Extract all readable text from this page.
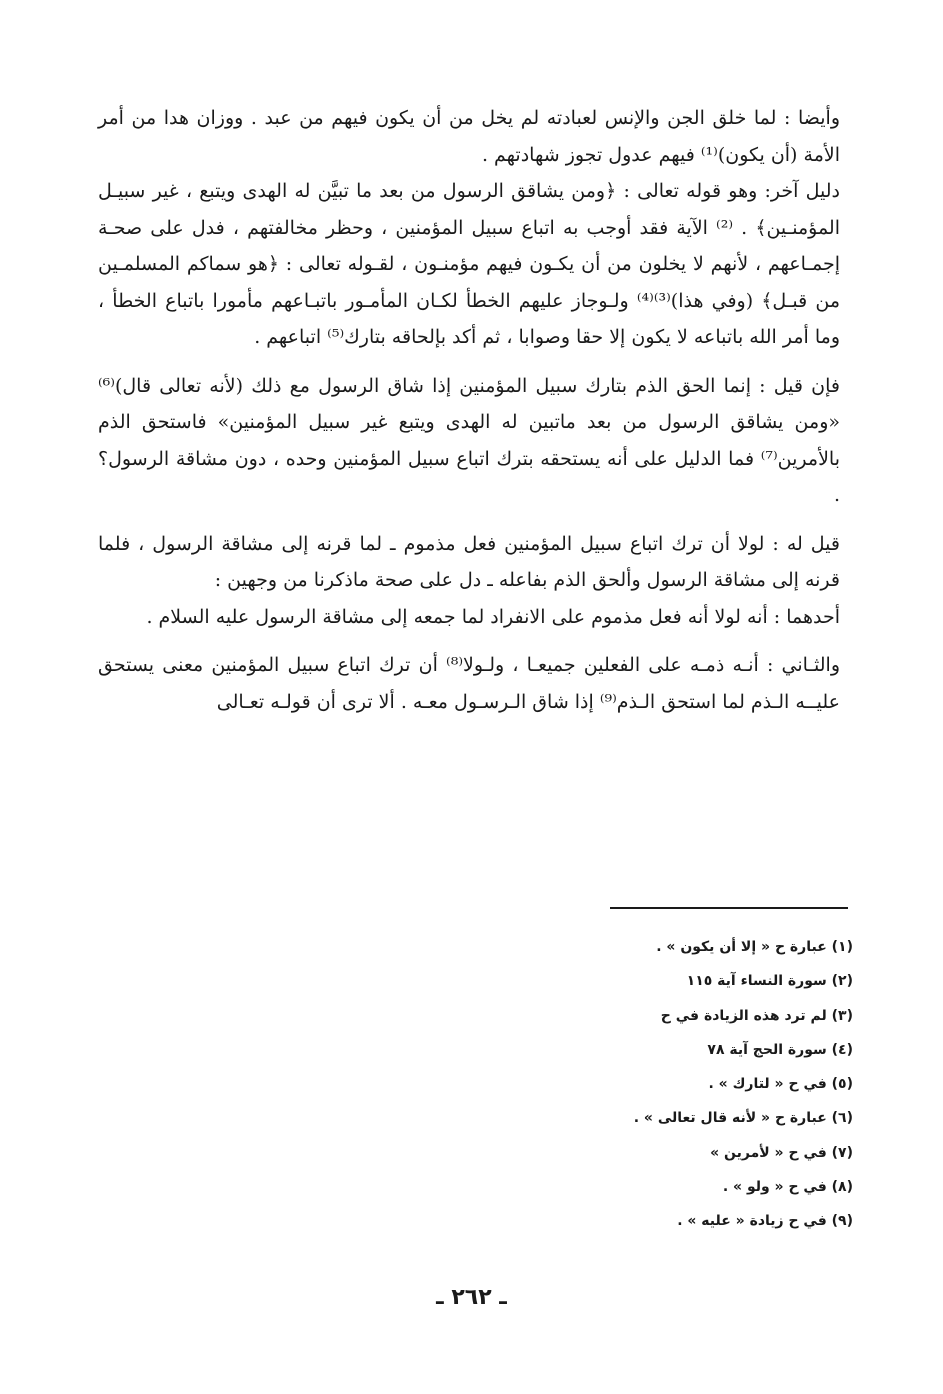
وأيضا : لما خلق الجن والإنس لعبادته لم يخل من أن يكون فيهم من عبد . ووزان هدا من أمر الأمة (أن يكون)⁽¹⁾ فيهم عدول تجوز شهادتهم .

دليل آخر: وهو قوله تعالى : ﴿ومن يشاقق الرسول من بعد ما تبيَّن له الهدى ويتبع ، غير سبيـل المؤمنـين﴾ . ⁽²⁾ الآية فقد أوجب به اتباع سبيل المؤمنين ، وحظر مخالفتهم ، فدل على صحـة إجمـاعهم ، لأنهم لا يخلون من أن يكـون فيهم مؤمنـون ، لقـوله تعالى : ﴿هو سماكم المسلمـين من قبـل﴾ (وفي هذا)⁽³⁾⁽⁴⁾ ولـوجاز عليهم الخطأ لكـان المأمـور باتبـاعهم مأمورا باتباع الخطأ ، وما أمر الله باتباعه لا يكون إلا حقا وصوابا ، ثم أكد بإلحاقه بتارك⁽⁵⁾ اتباعهم .

فإن قيل : إنما الحق الذم بتارك سبيل المؤمنين إذا شاق الرسول مع ذلك (لأنه تعالى قال)⁽⁶⁾ «ومن يشاقق الرسول من بعد ماتبين له الهدى ويتبع غير سبيل المؤمنين» فاستحق الذم بالأمرين⁽⁷⁾ فما الدليل على أنه يستحقه بترك اتباع سبيل المؤمنين وحده ، دون مشاقة الرسول؟ .

قيل له : لولا أن ترك اتباع سبيل المؤمنين فعل مذموم ـ لما قرنه إلى مشاقة الرسول ، فلما قرنه إلى مشاقة الرسول وألحق الذم بفاعله ـ دل على صحة ماذكرنا من وجهين :

أحدهما : أنه لولا أنه فعل مذموم على الانفراد لما جمعه إلى مشاقة الرسول عليه السلام .

والثـاني : أنـه ذمـه على الفعلين جميعـا ، ولـولا⁽⁸⁾ أن ترك اتباع سبيل المؤمنين معنى يستحق عليــه الـذم لما استحق الـذم⁽⁹⁾ إذا شاق الـرسـول معـه . ألا ترى أن قولـه تعـالى

(١) عبارة ح « إلا أن يكون » .
(٢) سورة النساء آية ١١٥
(٣) لم ترد هذه الزيادة في ح
(٤) سورة الحج آية ٧٨
(٥) في ح « لتارك » .
(٦) عبارة ح « لأنه قال تعالى » .
(٧) في ح « لأمرين »
(٨) في ح « ولو » .
(٩) في ح زيادة « عليه » .
ـ ٢٦٢ ـ
